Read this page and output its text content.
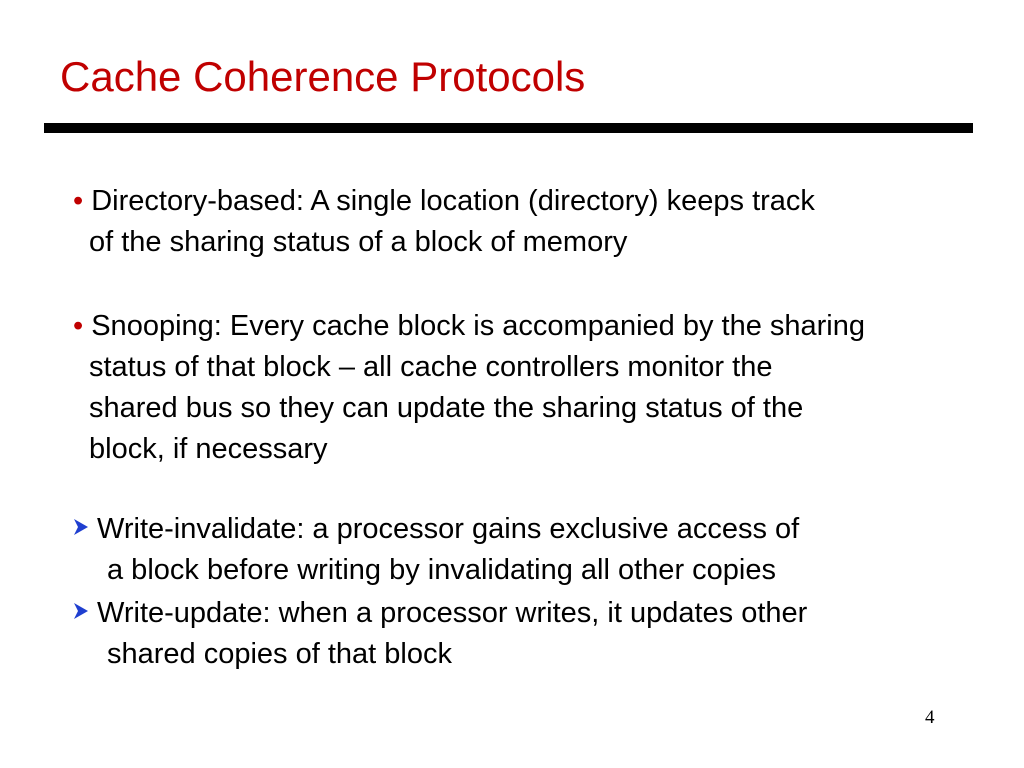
Cache Coherence Protocols

• Directory-based: A single location (directory) keeps track
of the sharing status of a block of memory

• Snooping: Every cache block is accompanied by the sharing
status of that block – all cache controllers monitor the
shared bus so they can update the sharing status of the
block, if necessary

Write-invalidate: a processor gains exclusive access of
a block before writing by invalidating all other copies

Write-update: when a processor writes, it updates other
shared copies of that block

4
